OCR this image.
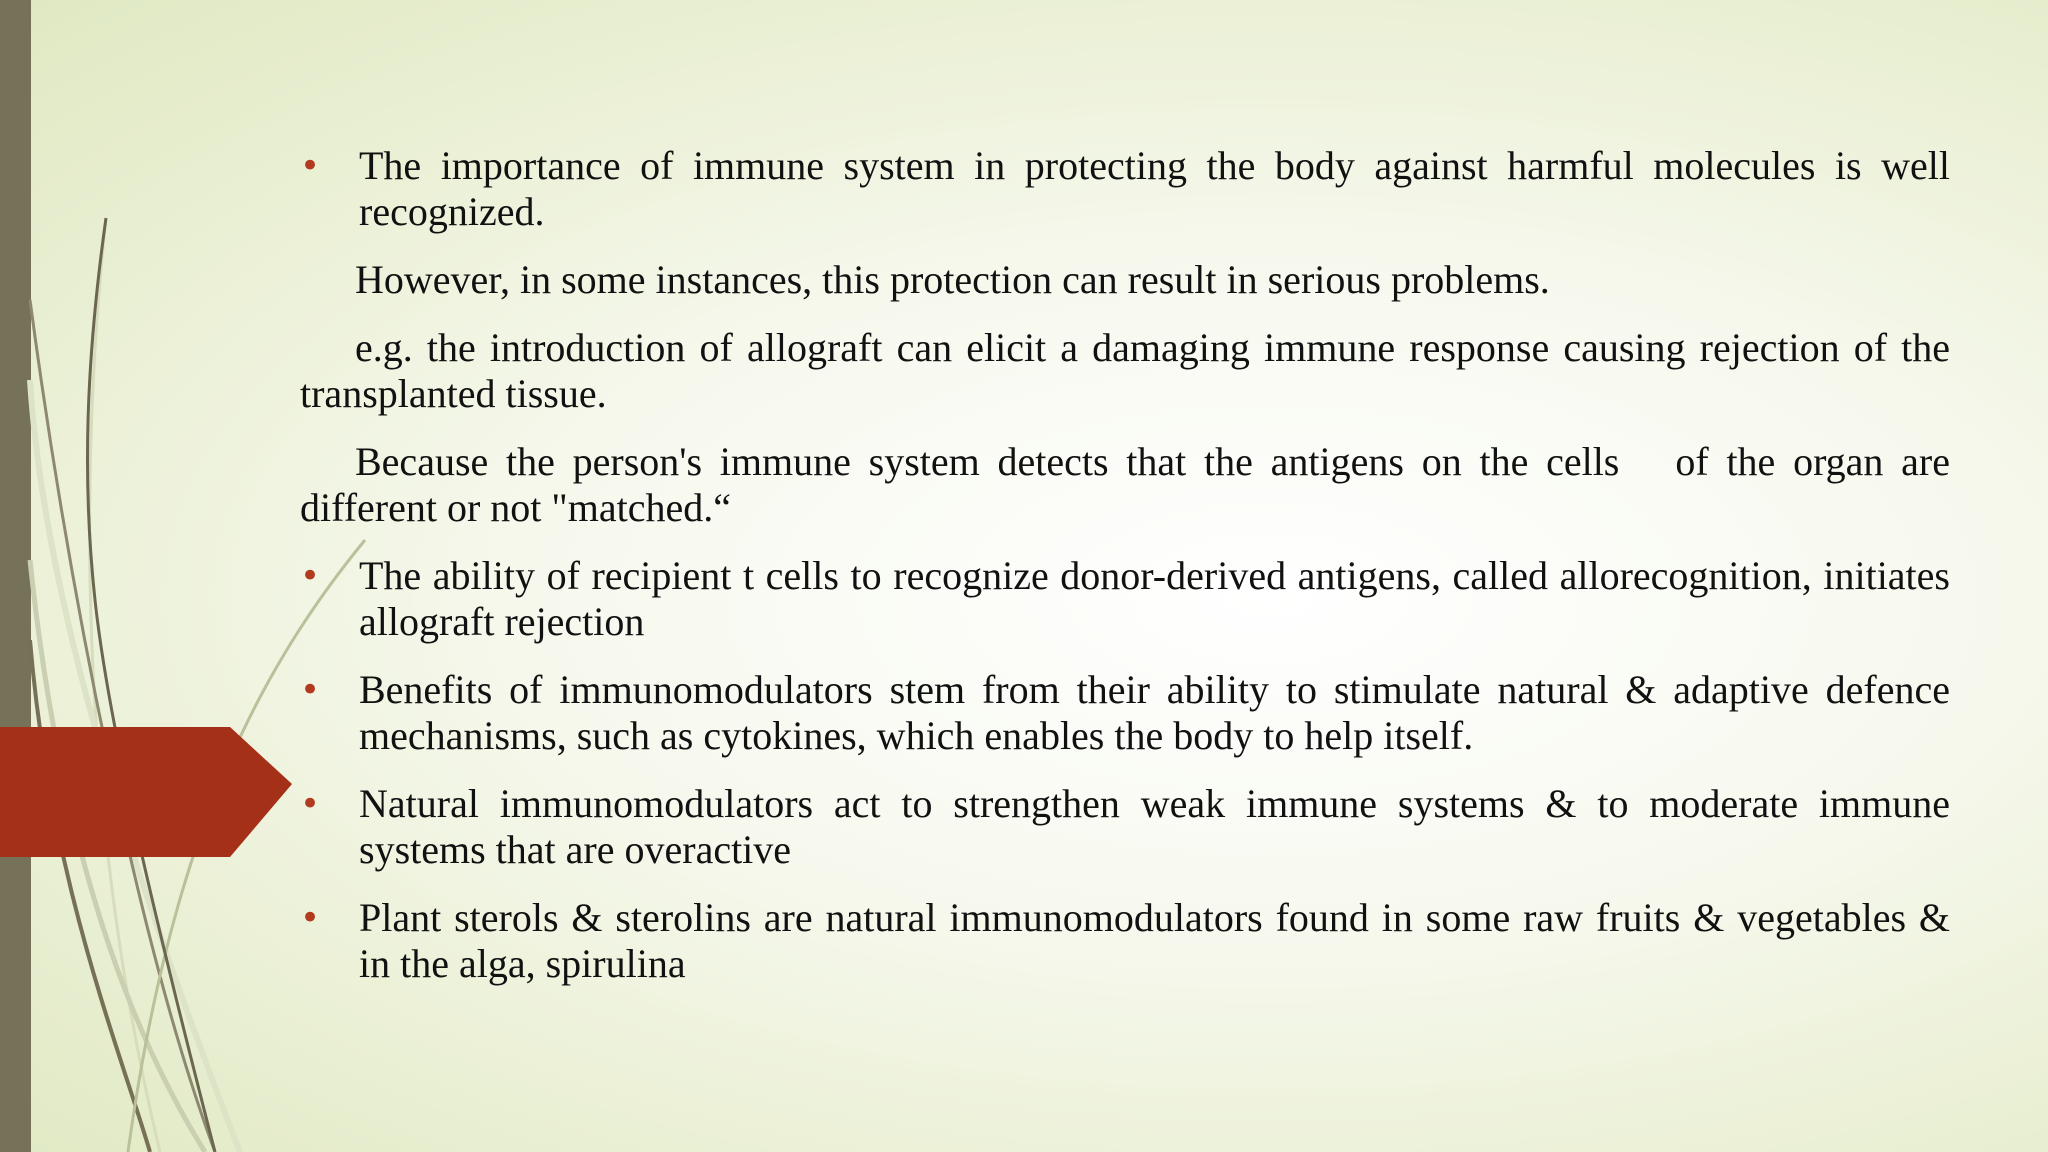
• The importance of immune system in protecting the body against harmful molecules is well recognized.
However, in some instances, this protection can result in serious problems.
e.g. the introduction of allograft can elicit a damaging immune response causing rejection of the transplanted tissue.
Because the person's immune system detects that the antigens on the cells of the organ are different or not "matched.“
• The ability of recipient t cells to recognize donor-derived antigens, called allorecognition, initiates allograft rejection
• Benefits of immunomodulators stem from their ability to stimulate natural & adaptive defence mechanisms, such as cytokines, which enables the body to help itself.
• Natural immunomodulators act to strengthen weak immune systems & to moderate immune systems that are overactive
• Plant sterols & sterolins are natural immunomodulators found in some raw fruits & vegetables & in the alga, spirulina
